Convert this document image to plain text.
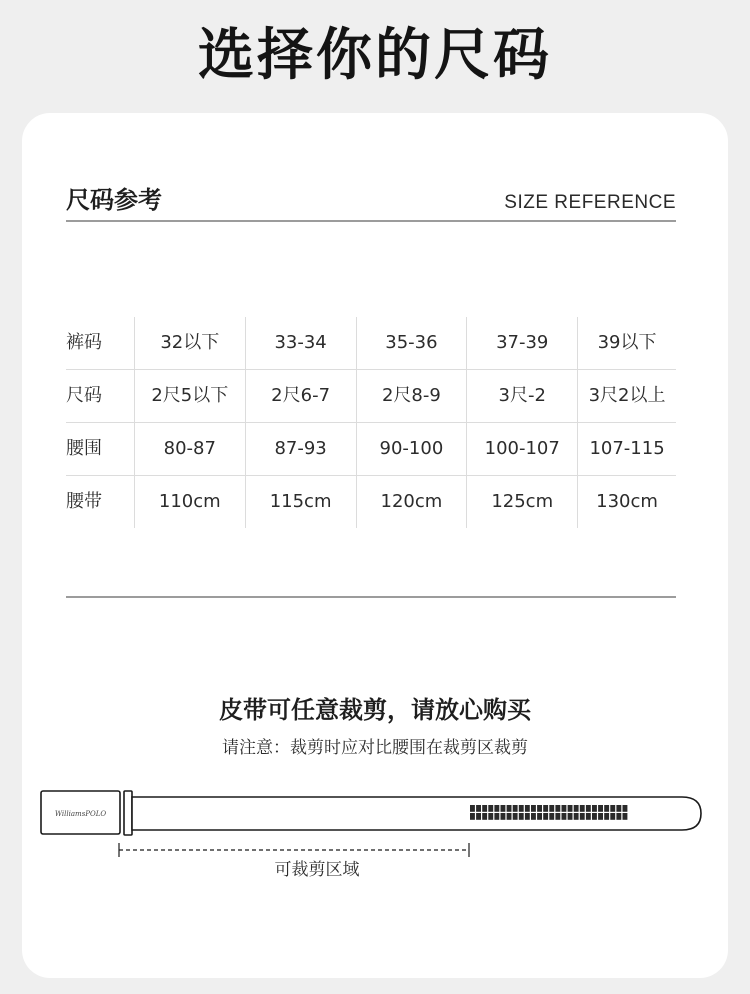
选择你的尺码
尺码参考	SIZE REFERENCE
裤码	32以下	33-34	35-36	37-39	39以下
尺码	2尺5以下	2尺6-7	2尺8-9	3尺-2	3尺2以上
腰围	80-87	87-93	90-100	100-107	107-115
腰带	110cm	115cm	120cm	125cm	130cm
皮带可任意裁剪，请放心购买
请注意：裁剪时应对比腰围在裁剪区裁剪
WilliamsPOLO
可裁剪区域
